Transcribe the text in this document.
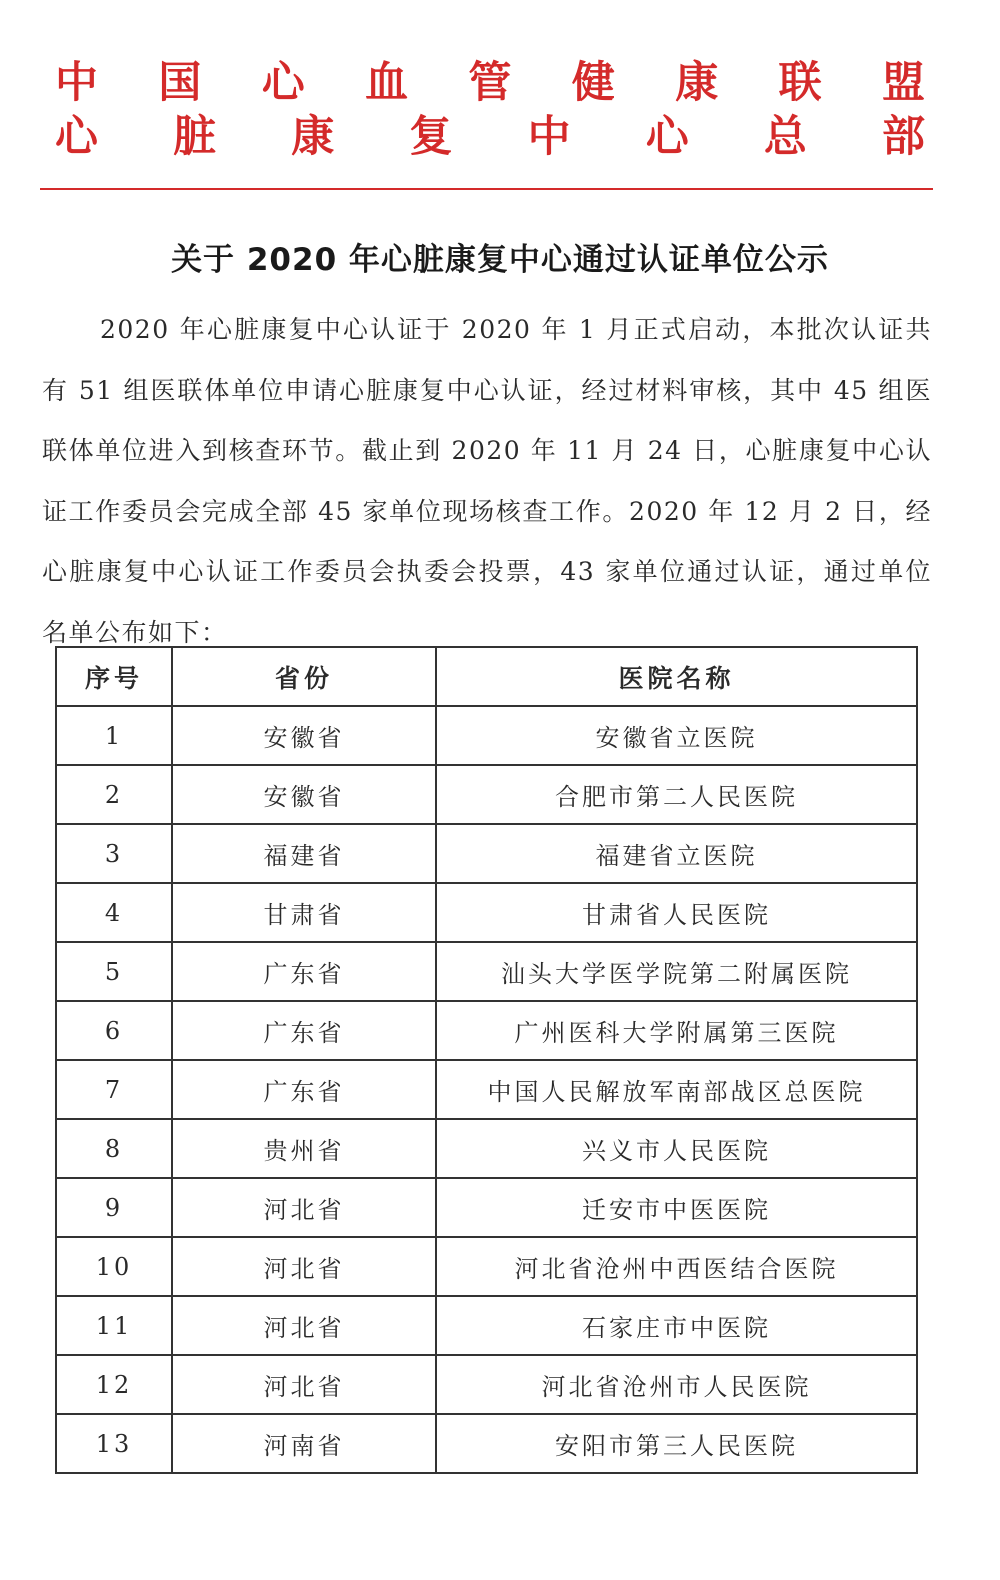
中 国 心 血 管 健 康 联 盟
心 脏 康 复 中 心 总 部
关于 2020 年心脏康复中心通过认证单位公示

2020 年心脏康复中心认证于 2020 年 1 月正式启动，本批次认证共有 51 组医联体单位申请心脏康复中心认证，经过材料审核，其中 45 组医联体单位进入到核查环节。截止到 2020 年 11 月 24 日，心脏康复中心认证工作委员会完成全部 45 家单位现场核查工作。2020 年 12 月 2 日，经心脏康复中心认证工作委员会执委会投票，43 家单位通过认证，通过单位名单公布如下：

序号	省份	医院名称
1	安徽省	安徽省立医院
2	安徽省	合肥市第二人民医院
3	福建省	福建省立医院
4	甘肃省	甘肃省人民医院
5	广东省	汕头大学医学院第二附属医院
6	广东省	广州医科大学附属第三医院
7	广东省	中国人民解放军南部战区总医院
8	贵州省	兴义市人民医院
9	河北省	迁安市中医医院
10	河北省	河北省沧州中西医结合医院
11	河北省	石家庄市中医院
12	河北省	河北省沧州市人民医院
13	河南省	安阳市第三人民医院
